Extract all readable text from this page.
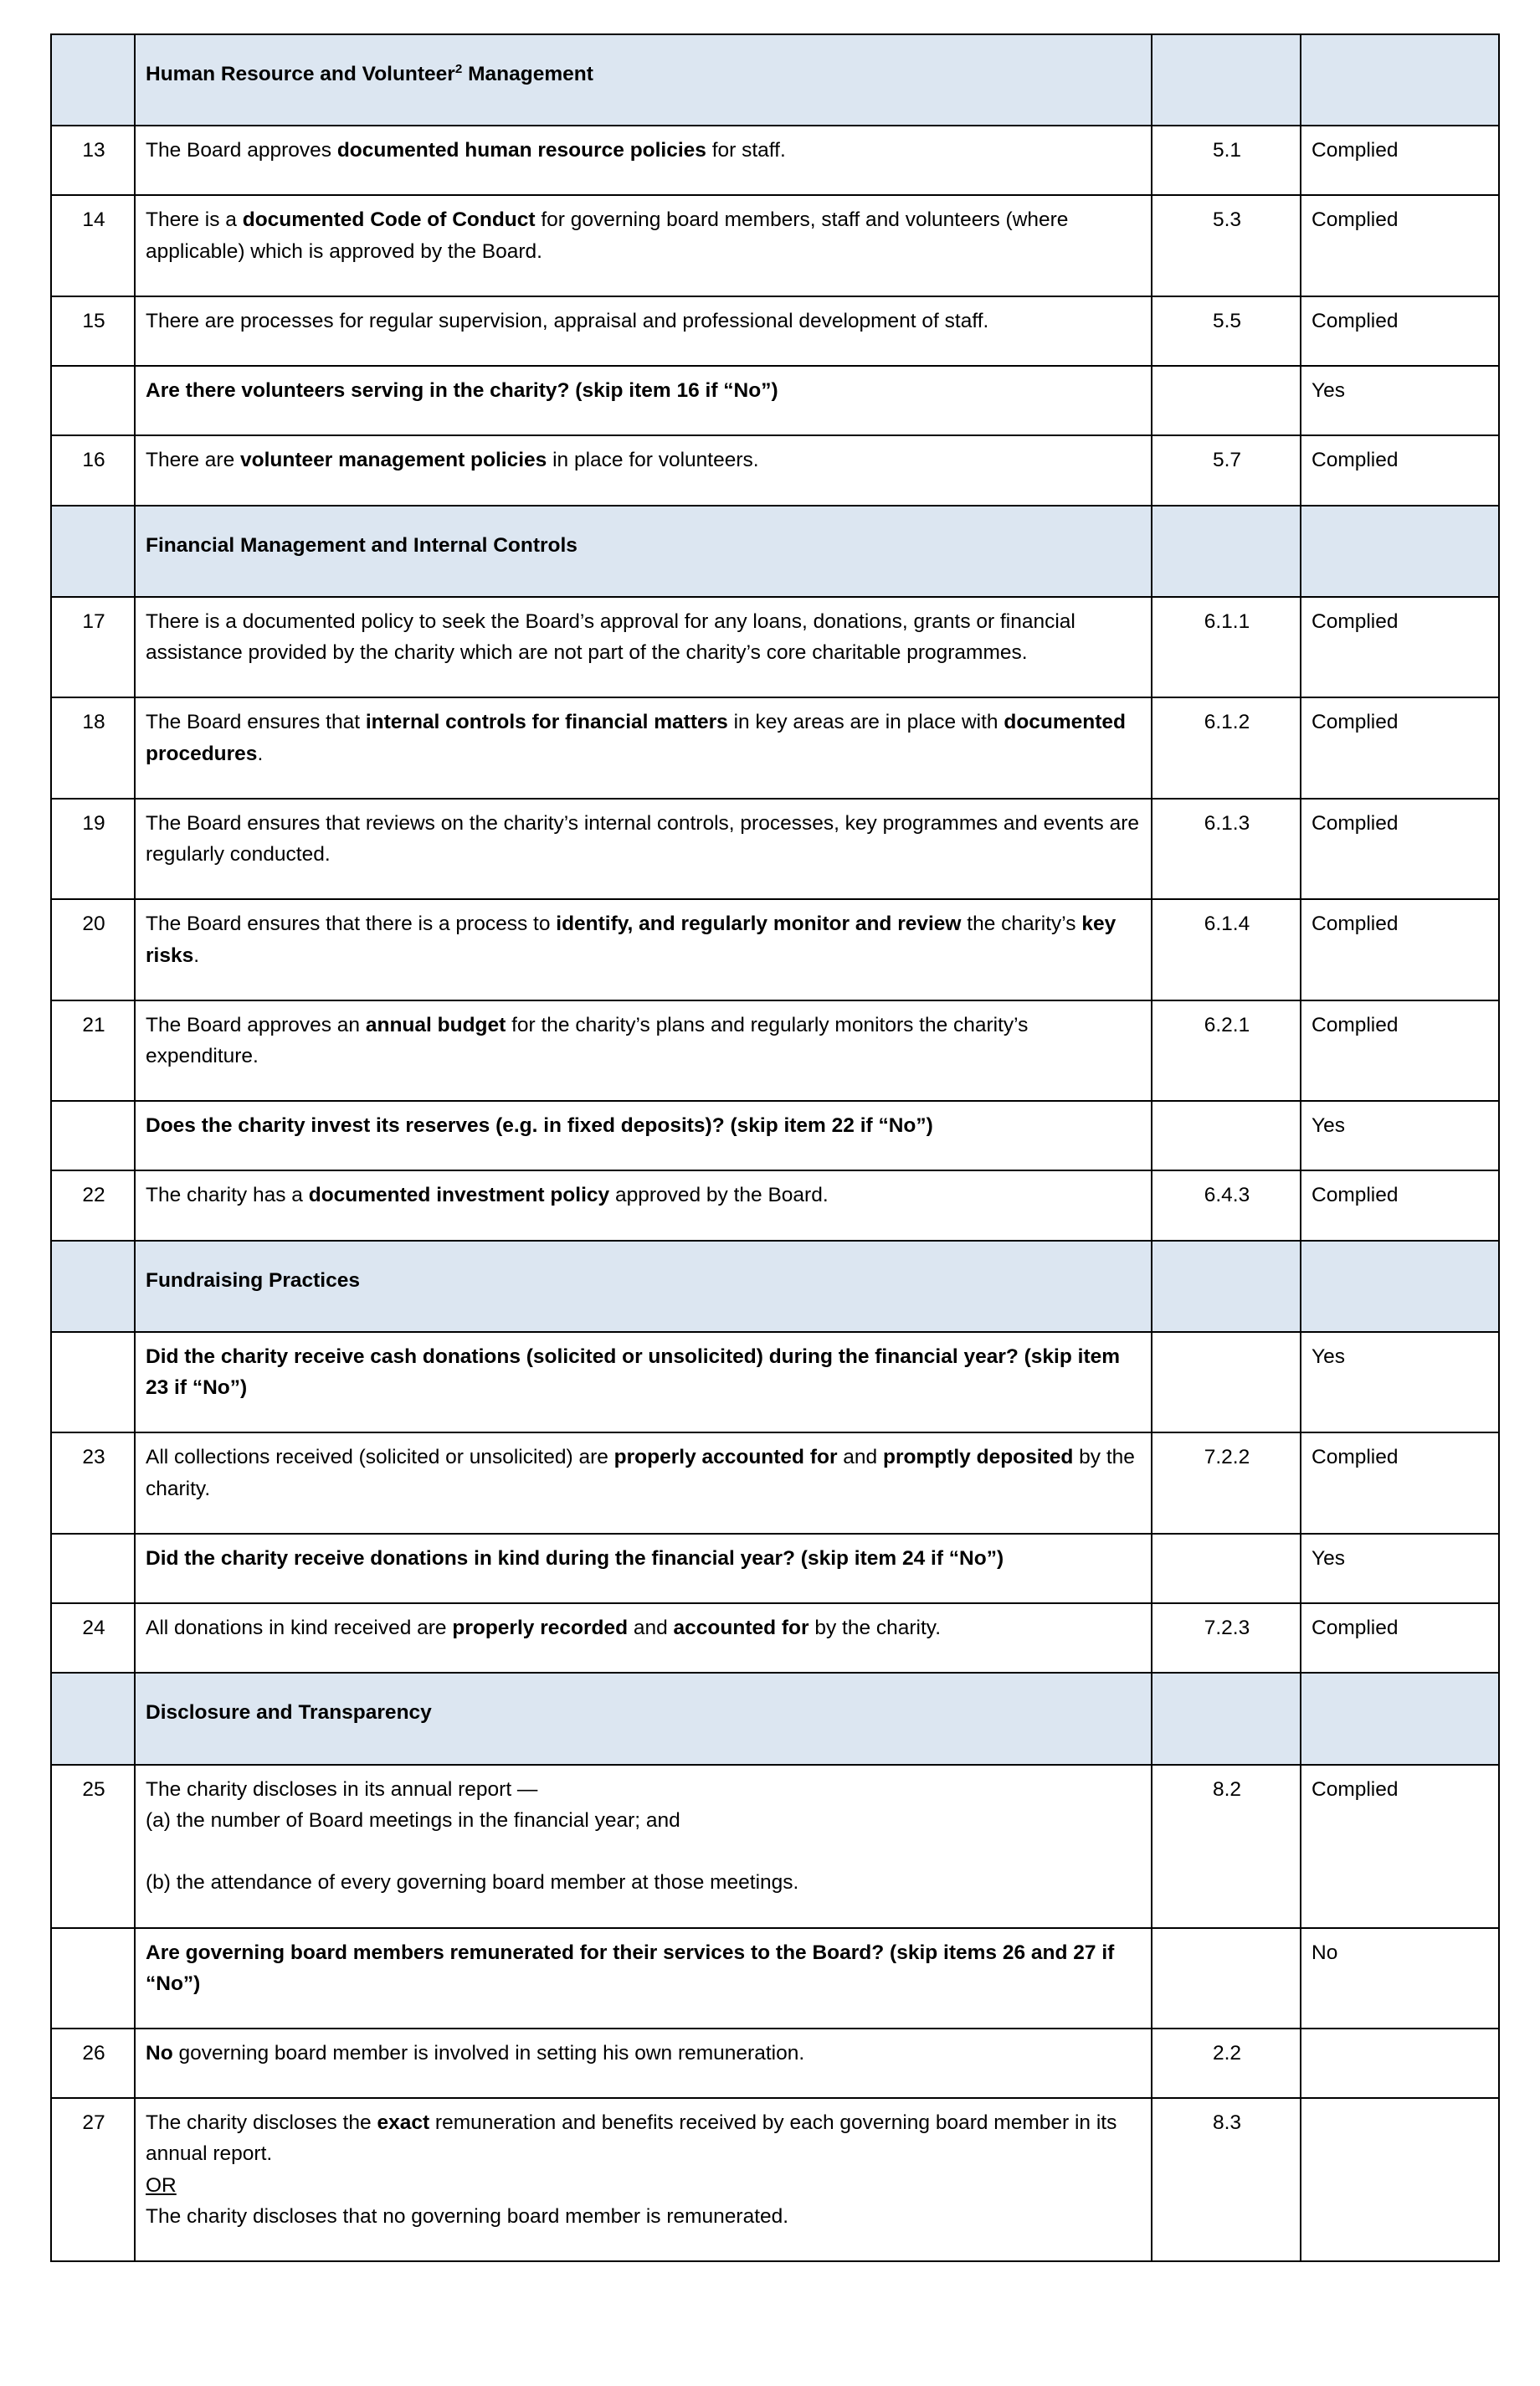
	Human Resource and Volunteer$^2$ Management		
13	The Board approves documented human resource policies for staff.	5.1	Complied
14	There is a documented Code of Conduct for governing board members, staff and volunteers (where applicable) which is approved by the Board.	5.3	Complied
15	There are processes for regular supervision, appraisal and professional development of staff.	5.5	Complied
	Are there volunteers serving in the charity? (skip item 16 if “No”)		Yes
16	There are volunteer management policies in place for volunteers.	5.7	Complied
	Financial Management and Internal Controls		
17	There is a documented policy to seek the Board’s approval for any loans, donations, grants or financial assistance provided by the charity which are not part of the charity’s core charitable programmes.	6.1.1	Complied
18	The Board ensures that internal controls for financial matters in key areas are in place with documented procedures.	6.1.2	Complied
19	The Board ensures that reviews on the charity’s internal controls, processes, key programmes and events are regularly conducted.	6.1.3	Complied
20	The Board ensures that there is a process to identify, and regularly monitor and review the charity’s key risks.	6.1.4	Complied
21	The Board approves an annual budget for the charity’s plans and regularly monitors the charity’s expenditure.	6.2.1	Complied
	Does the charity invest its reserves (e.g. in fixed deposits)? (skip item 22 if “No”)		Yes
22	The charity has a documented investment policy approved by the Board.	6.4.3	Complied
	Fundraising Practices		
	Did the charity receive cash donations (solicited or unsolicited) during the financial year? (skip item 23 if “No”)		Yes
23	All collections received (solicited or unsolicited) are properly accounted for and promptly deposited by the charity.	7.2.2	Complied
	Did the charity receive donations in kind during the financial year? (skip item 24 if “No”)		Yes
24	All donations in kind received are properly recorded and accounted for by the charity.	7.2.3	Complied
	Disclosure and Transparency		
25	The charity discloses in its annual report —
(a) the number of Board meetings in the financial year; and
(b) the attendance of every governing board member at those meetings.	8.2	Complied
	Are governing board members remunerated for their services to the Board? (skip items 26 and 27 if “No”)		No
26	No governing board member is involved in setting his own remuneration.	2.2	
27	The charity discloses the exact remuneration and benefits received by each governing board member in its annual report.
OR
The charity discloses that no governing board member is remunerated.	8.3	
